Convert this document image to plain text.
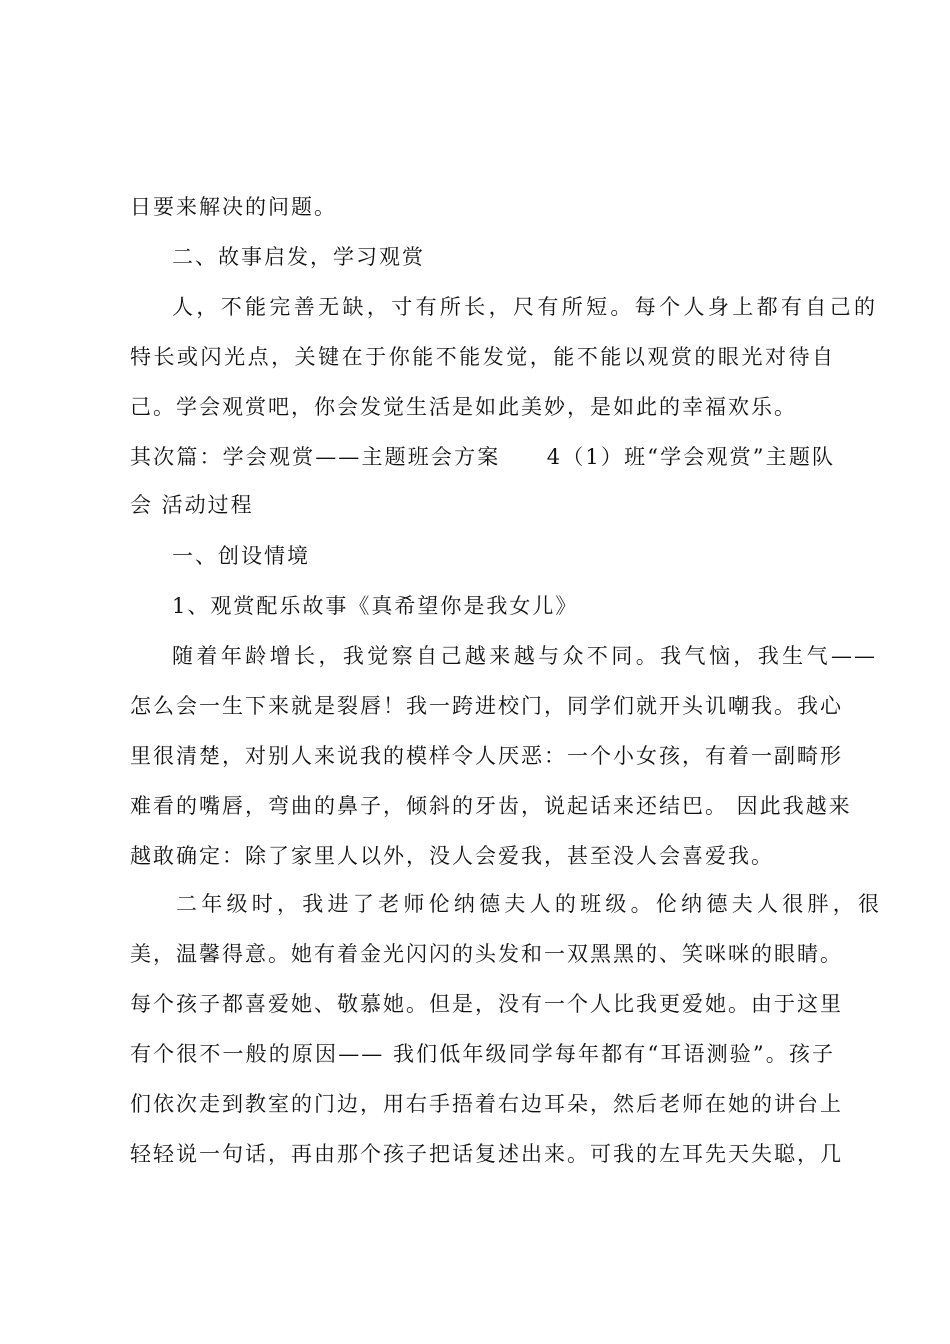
日要来解决的问题。
二、故事启发，学习观赏
人，不能完善无缺，寸有所长，尺有所短。每个人身上都有自己的
特长或闪光点，关键在于你能不能发觉，能不能以观赏的眼光对待自
己。学会观赏吧，你会发觉生活是如此美妙，是如此的幸福欢乐。
其次篇：学会观赏——主题班会方案　　4（1）班“学会观赏”主题队
会 活动过程
一、创设情境
1、观赏配乐故事《真希望你是我女儿》
随着年龄增长，我觉察自己越来越与众不同。我气恼，我生气——
怎么会一生下来就是裂唇！我一跨进校门，同学们就开头讥嘲我。我心
里很清楚，对别人来说我的模样令人厌恶：一个小女孩，有着一副畸形
难看的嘴唇，弯曲的鼻子，倾斜的牙齿，说起话来还结巴。 因此我越来
越敢确定：除了家里人以外，没人会爱我，甚至没人会喜爱我。
二年级时，我进了老师伦纳德夫人的班级。伦纳德夫人很胖，很
美，温馨得意。她有着金光闪闪的头发和一双黑黑的、笑咪咪的眼睛。
每个孩子都喜爱她、敬慕她。但是，没有一个人比我更爱她。由于这里
有个很不一般的原因—— 我们低年级同学每年都有“耳语测验”。孩子
们依次走到教室的门边，用右手捂着右边耳朵，然后老师在她的讲台上
轻轻说一句话，再由那个孩子把话复述出来。可我的左耳先天失聪，几
